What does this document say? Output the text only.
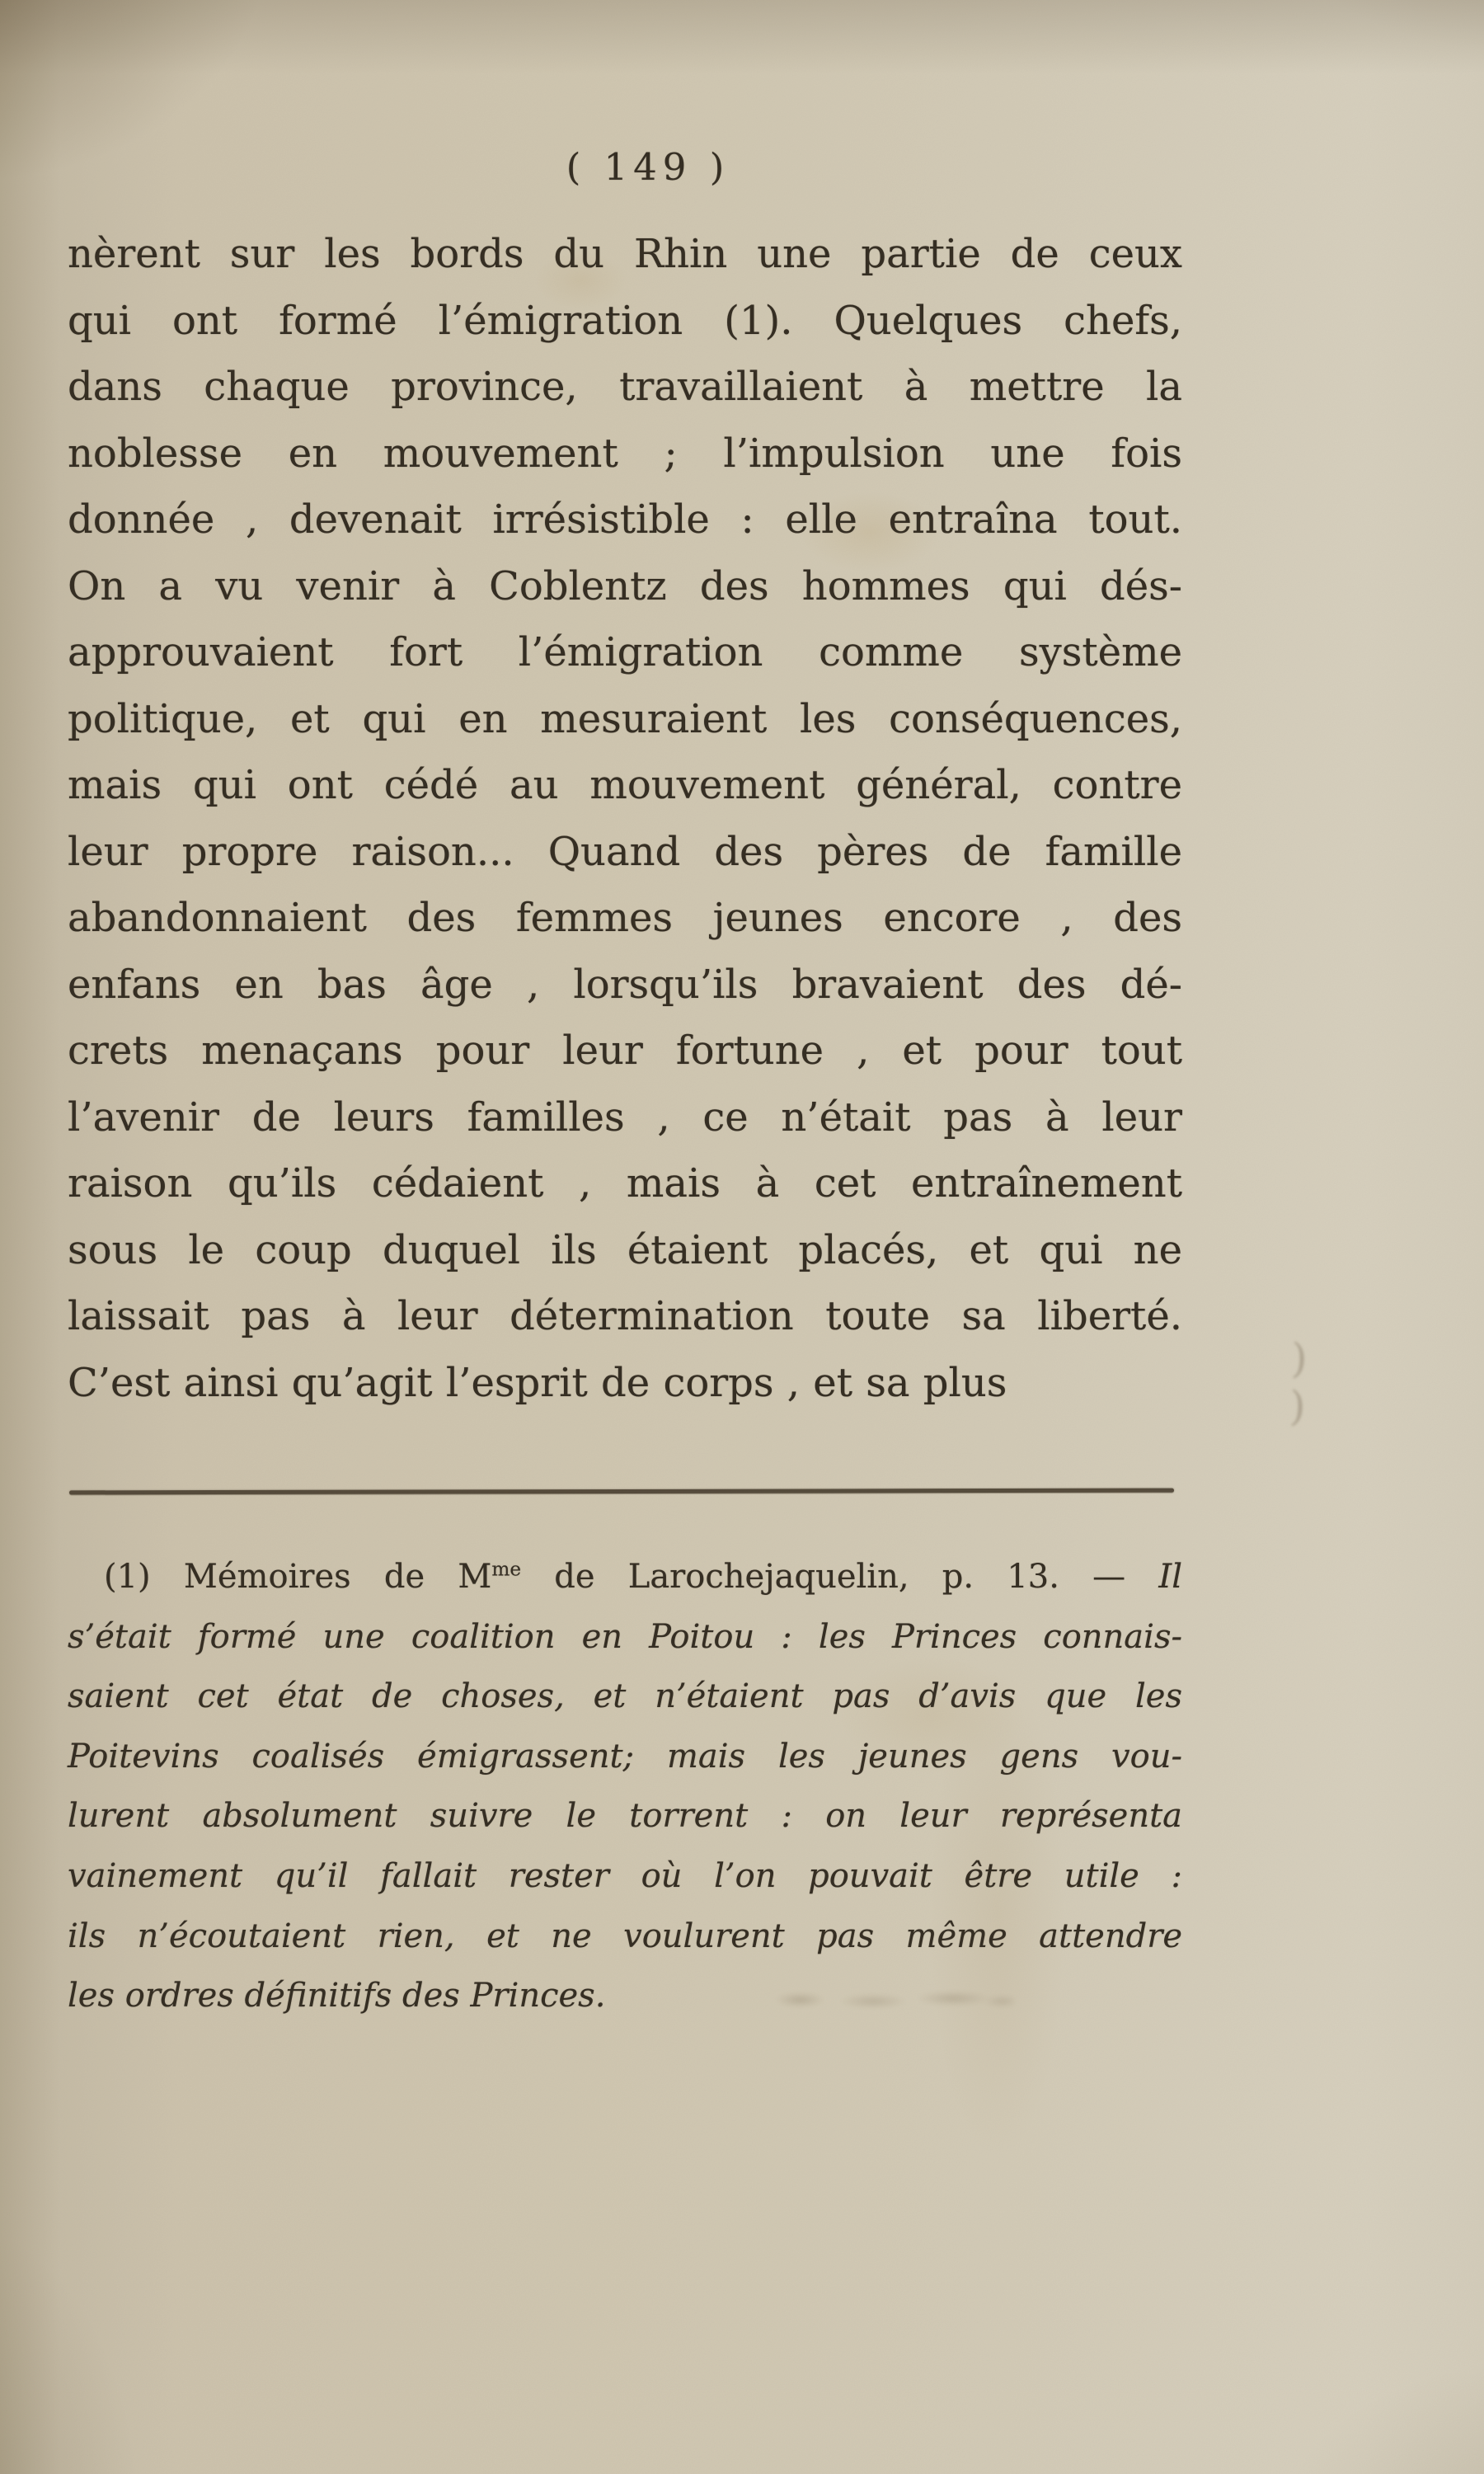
( 149 )
nèrent sur les bords du Rhin une partie de ceux
qui ont formé l’émigration (1). Quelques chefs,
dans chaque province, travaillaient à mettre la
noblesse en mouvement ; l’impulsion une fois
donnée , devenait irrésistible : elle entraîna tout.
On a vu venir à Coblentz des hommes qui dés-
approuvaient fort l’émigration comme système
politique, et qui en mesuraient les conséquences,
mais qui ont cédé au mouvement général, contre
leur propre raison... Quand des pères de famille
abandonnaient des femmes jeunes encore , des
enfans en bas âge , lorsqu’ils bravaient des dé-
crets menaçans pour leur fortune , et pour tout
l’avenir de leurs familles , ce n’était pas à leur
raison qu’ils cédaient , mais à cet entraînement
sous le coup duquel ils étaient placés, et qui ne
laissait pas à leur détermination toute sa liberté.
C’est ainsi qu’agit l’esprit de corps , et sa plus
(1) Mémoires de $M^{me}$ de Larochejaquelin, p. 13. — Il
s’était formé une coalition en Poitou : les Princes connais-
saient cet état de choses, et n’étaient pas d’avis que les
Poitevins coalisés émigrassent; mais les jeunes gens vou-
lurent absolument suivre le torrent : on leur représenta
vainement qu’il fallait rester où l’on pouvait être utile :
ils n’écoutaient rien, et ne voulurent pas même attendre
les ordres définitifs des Princes.
) )
